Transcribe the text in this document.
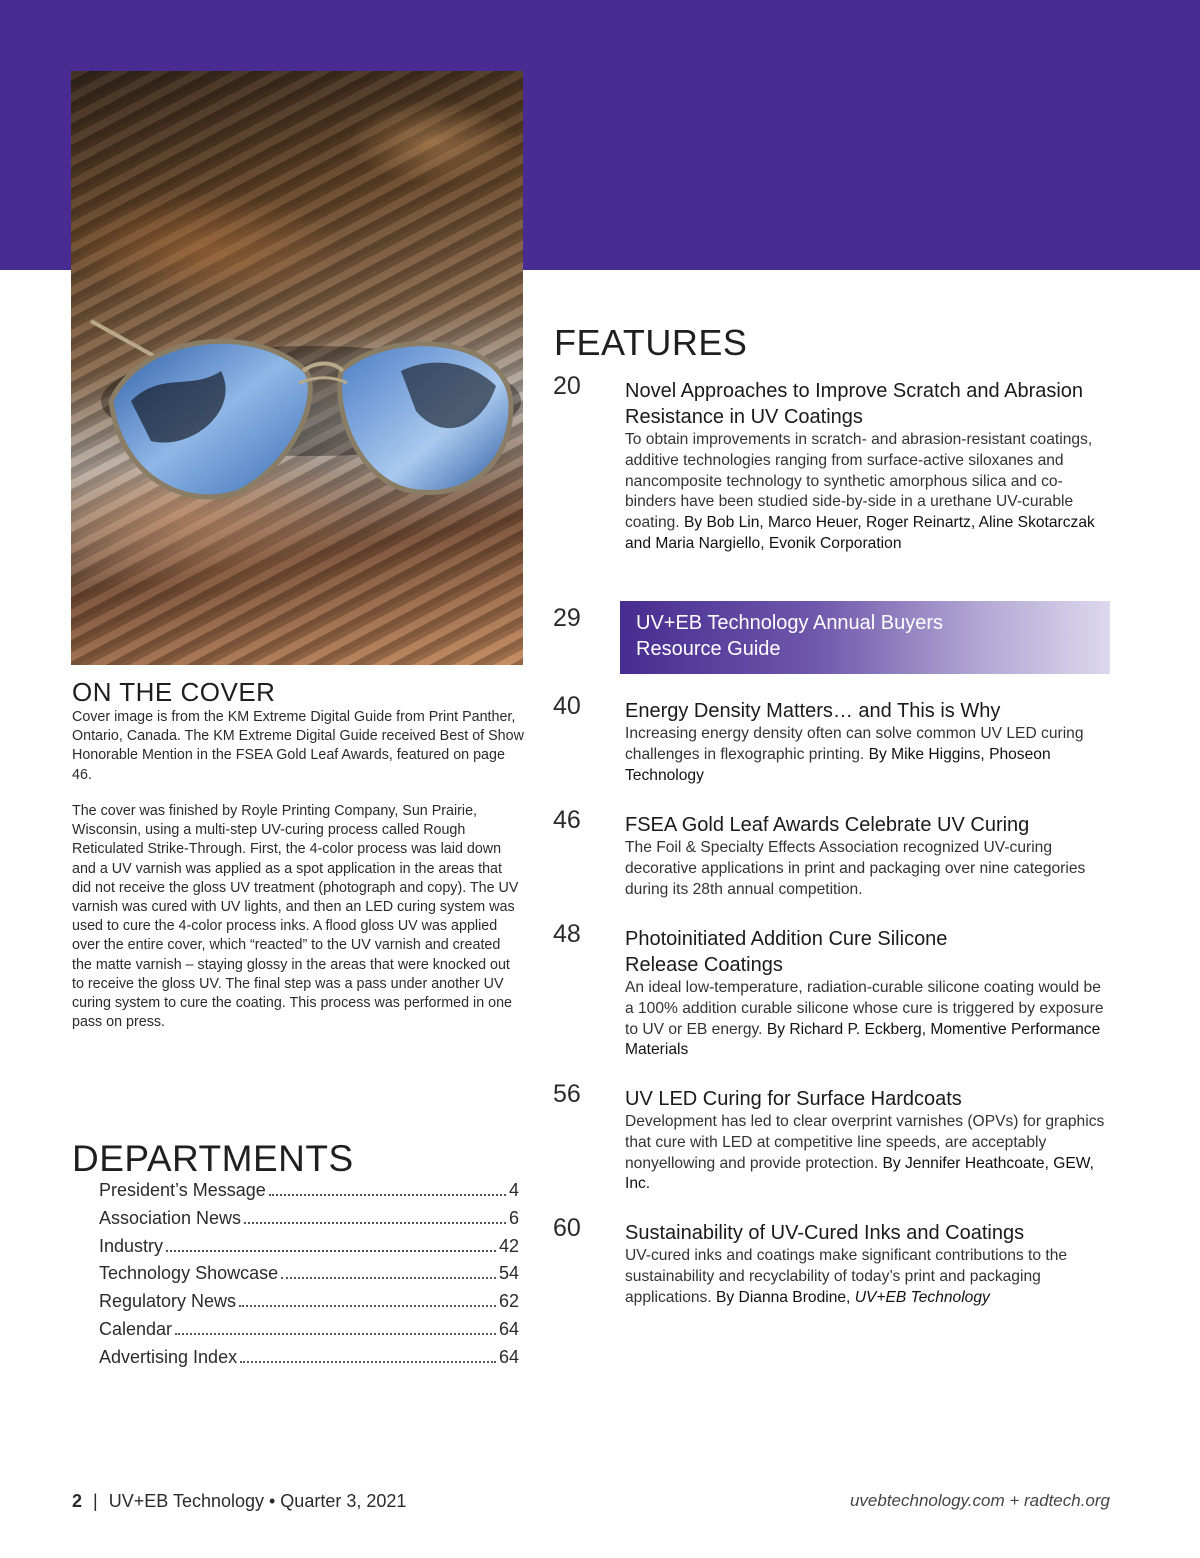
ON THE COVER

Cover image is from the KM Extreme Digital Guide from Print Panther, Ontario, Canada. The KM Extreme Digital Guide received Best of Show Honorable Mention in the FSEA Gold Leaf Awards, featured on page 46.

The cover was finished by Royle Printing Company, Sun Prairie, Wisconsin, using a multi-step UV-curing process called Rough Reticulated Strike-Through. First, the 4-color process was laid down and a UV varnish was applied as a spot application in the areas that did not receive the gloss UV treatment (photograph and copy). The UV varnish was cured with UV lights, and then an LED curing system was used to cure the 4-color process inks. A flood gloss UV was applied over the entire cover, which “reacted” to the UV varnish and created the matte varnish – staying glossy in the areas that were knocked out to receive the gloss UV. The final step was a pass under another UV curing system to cure the coating. This process was performed in one pass on press.

DEPARTMENTS
President’s Message	4
Association News	6
Industry	42
Technology Showcase	54
Regulatory News	62
Calendar	64
Advertising Index	64
FEATURES
20 Novel Approaches to Improve Scratch and Abrasion Resistance in UV Coatings
To obtain improvements in scratch- and abrasion-resistant coatings, additive technologies ranging from surface-active siloxanes and nancomposite technology to synthetic amorphous silica and co-binders have been studied side-by-side in a urethane UV-curable coating. By Bob Lin, Marco Heuer, Roger Reinartz, Aline Skotarczak and Maria Nargiello, Evonik Corporation
29	UV+EB Technology Annual Buyers Resource Guide
40 Energy Density Matters… and This is Why
Increasing energy density often can solve common UV LED curing challenges in flexographic printing. By Mike Higgins, Phoseon Technology
46 FSEA Gold Leaf Awards Celebrate UV Curing
The Foil & Specialty Effects Association recognized UV-curing decorative applications in print and packaging over nine categories during its 28th annual competition.
48 Photoinitiated Addition Cure Silicone Release Coatings
An ideal low-temperature, radiation-curable silicone coating would be a 100% addition curable silicone whose cure is triggered by exposure to UV or EB energy. By Richard P. Eckberg, Momentive Performance Materials
56 UV LED Curing for Surface Hardcoats
Development has led to clear overprint varnishes (OPVs) for graphics that cure with LED at competitive line speeds, are acceptably nonyellowing and provide protection. By Jennifer Heathcoate, GEW, Inc.
60 Sustainability of UV-Cured Inks and Coatings
UV-cured inks and coatings make significant contributions to the sustainability and recyclability of today’s print and packaging applications. By Dianna Brodine, UV+EB Technology
2 | UV+EB Technology • Quarter 3, 2021	uvebtechnology.com + radtech.org
